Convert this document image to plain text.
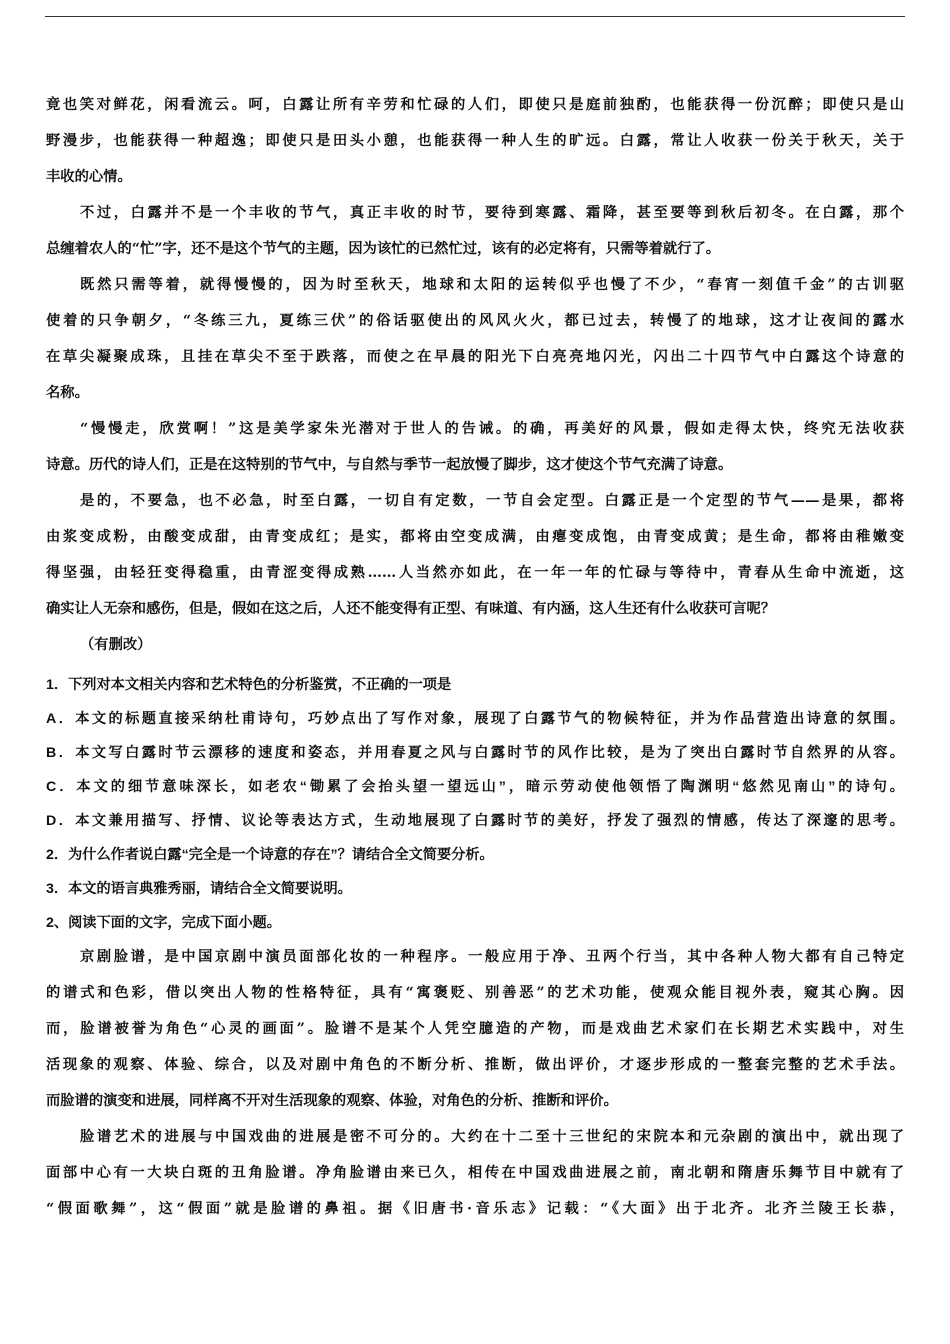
竟也笑对鲜花，闲看流云。呵，白露让所有辛劳和忙碌的人们，即使只是庭前独酌，也能获得一份沉醉；即使只是山
野漫步，也能获得一种超逸；即使只是田头小憩，也能获得一种人生的旷远。白露，常让人收获一份关于秋天，关于
丰收的心情。
不过，白露并不是一个丰收的节气，真正丰收的时节，要待到寒露、霜降，甚至要等到秋后初冬。在白露，那个
总缠着农人的“忙”字，还不是这个节气的主题，因为该忙的已然忙过，该有的必定将有，只需等着就行了。
既然只需等着，就得慢慢的，因为时至秋天，地球和太阳的运转似乎也慢了不少，“春宵一刻值千金”的古训驱
使着的只争朝夕，“冬练三九，夏练三伏”的俗话驱使出的风风火火，都已过去，转慢了的地球，这才让夜间的露水
在草尖凝聚成珠，且挂在草尖不至于跌落，而使之在早晨的阳光下白亮亮地闪光，闪出二十四节气中白露这个诗意的
名称。
“慢慢走，欣赏啊！”这是美学家朱光潜对于世人的告诫。的确，再美好的风景，假如走得太快，终究无法收获
诗意。历代的诗人们，正是在这特别的节气中，与自然与季节一起放慢了脚步，这才使这个节气充满了诗意。
是的，不要急，也不必急，时至白露，一切自有定数，一节自会定型。白露正是一个定型的节气——是果，都将
由浆变成粉，由酸变成甜，由青变成红；是实，都将由空变成满，由瘪变成饱，由青变成黄；是生命，都将由稚嫩变
得坚强，由轻狂变得稳重，由青涩变得成熟……人当然亦如此，在一年一年的忙碌与等待中，青春从生命中流逝，这
确实让人无奈和感伤，但是，假如在这之后，人还不能变得有正型、有味道、有内涵，这人生还有什么收获可言呢？
（有删改）
1．下列对本文相关内容和艺术特色的分析鉴赏，不正确的一项是
A．本文的标题直接采纳杜甫诗句，巧妙点出了写作对象，展现了白露节气的物候特征，并为作品营造出诗意的氛围。
B．本文写白露时节云漂移的速度和姿态，并用春夏之风与白露时节的风作比较，是为了突出白露时节自然界的从容。
C．本文的细节意味深长，如老农“锄累了会抬头望一望远山”，暗示劳动使他领悟了陶渊明“悠然见南山”的诗句。
D．本文兼用描写、抒情、议论等表达方式，生动地展现了白露时节的美好，抒发了强烈的情感，传达了深邃的思考。
2．为什么作者说白露“完全是一个诗意的存在”？请结合全文简要分析。
3．本文的语言典雅秀丽，请结合全文简要说明。
2、阅读下面的文字，完成下面小题。
京剧脸谱，是中国京剧中演员面部化妆的一种程序。一般应用于净、丑两个行当，其中各种人物大都有自己特定
的谱式和色彩，借以突出人物的性格特征，具有“寓褒贬、别善恶”的艺术功能，使观众能目视外表，窥其心胸。因
而，脸谱被誉为角色“心灵的画面”。脸谱不是某个人凭空臆造的产物，而是戏曲艺术家们在长期艺术实践中，对生
活现象的观察、体验、综合，以及对剧中角色的不断分析、推断，做出评价，才逐步形成的一整套完整的艺术手法。
而脸谱的演变和进展，同样离不开对生活现象的观察、体验，对角色的分析、推断和评价。
脸谱艺术的进展与中国戏曲的进展是密不可分的。大约在十二至十三世纪的宋院本和元杂剧的演出中，就出现了
面部中心有一大块白斑的丑角脸谱。净角脸谱由来已久，相传在中国戏曲进展之前，南北朝和隋唐乐舞节目中就有了
“假面歌舞”，这“假面”就是脸谱的鼻祖。据《旧唐书·音乐志》记载：“《大面》出于北齐。北齐兰陵王长恭，
